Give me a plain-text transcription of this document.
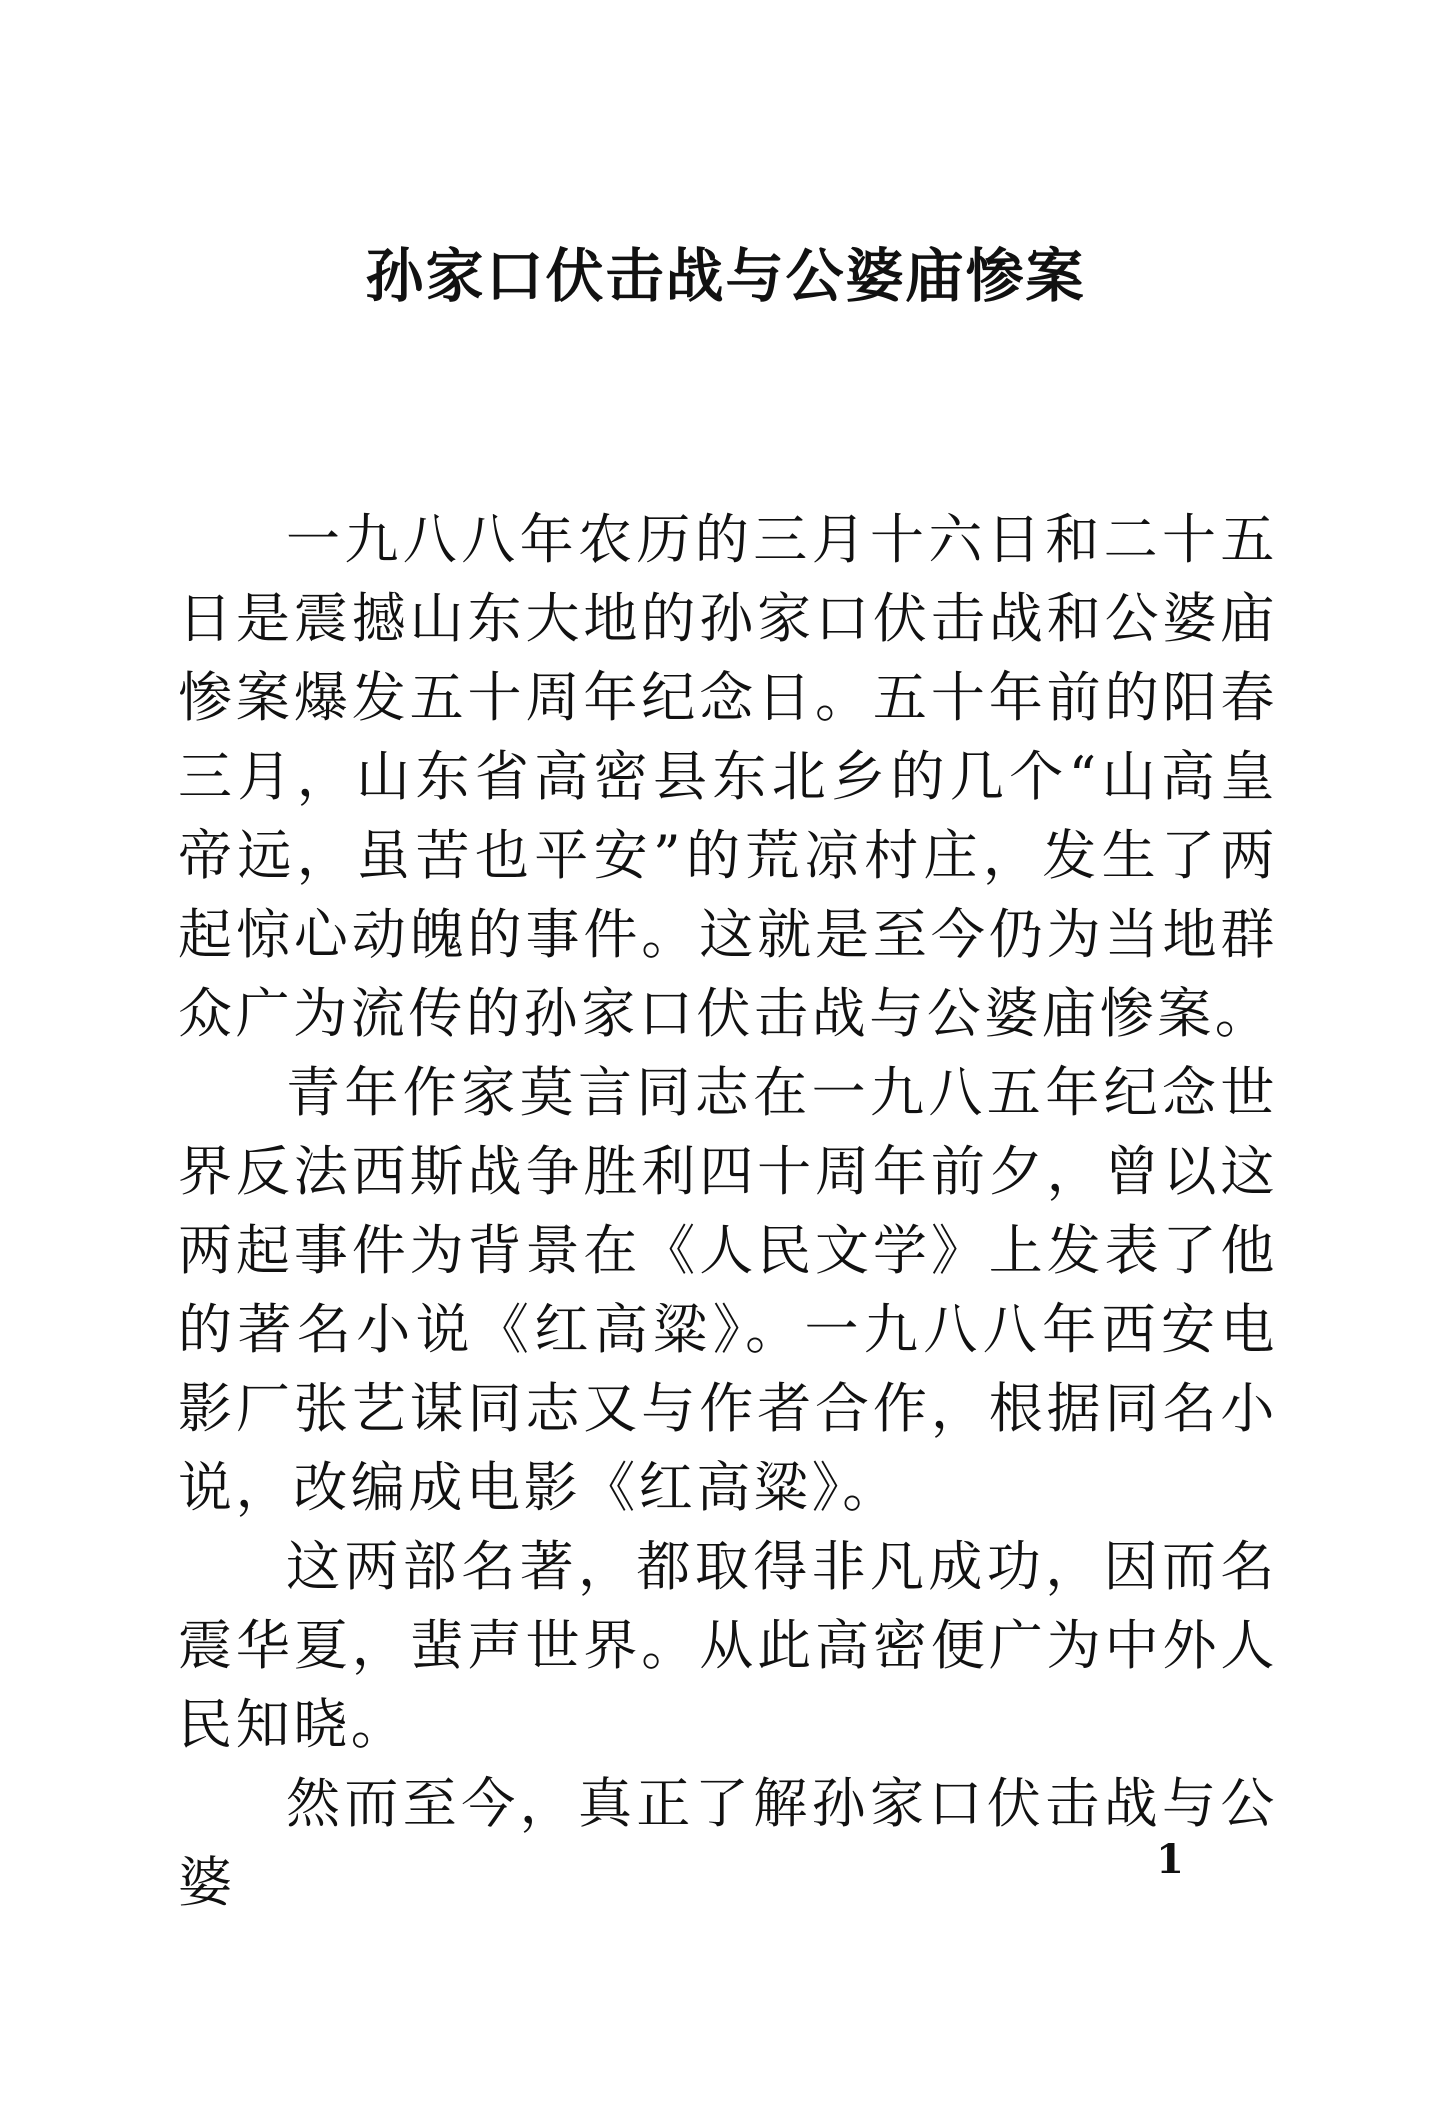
孙家口伏击战与公婆庙惨案

一九八八年农历的三月十六日和二十五日是震撼山东大地的孙家口伏击战和公婆庙惨案爆发五十周年纪念日。五十年前的阳春三月，山东省高密县东北乡的几个“山高皇帝远，虽苦也平安”的荒凉村庄，发生了两起惊心动魄的事件。这就是至今仍为当地群众广为流传的孙家口伏击战与公婆庙惨案。

青年作家莫言同志在一九八五年纪念世界反法西斯战争胜利四十周年前夕，曾以这两起事件为背景在《人民文学》上发表了他的著名小说《红高粱》。一九八八年西安电影厂张艺谋同志又与作者合作，根据同名小说，改编成电影《红高粱》。

这两部名著，都取得非凡成功，因而名震华夏，蜚声世界。从此高密便广为中外人民知晓。

然而至今，真正了解孙家口伏击战与公婆	1
